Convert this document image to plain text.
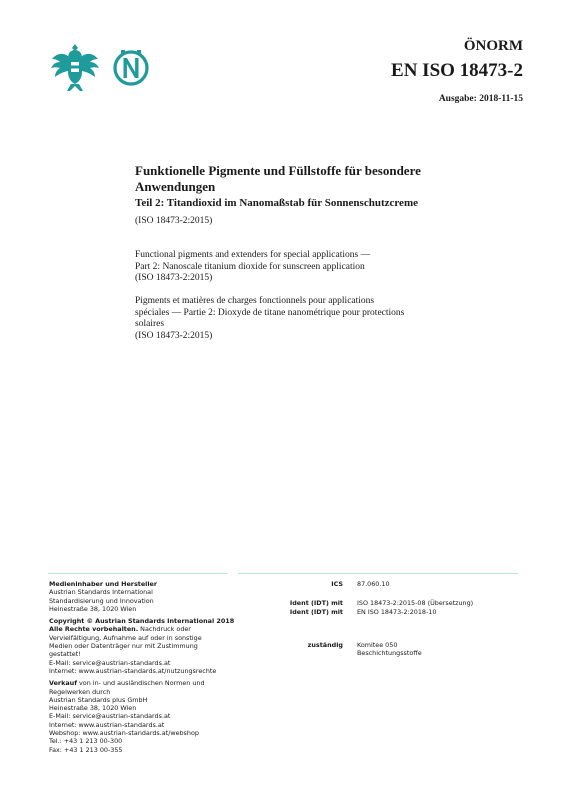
ÖNORM
EN ISO 18473-2
Ausgabe: 2018-11-15
Funktionelle Pigmente und Füllstoffe für besondere
Anwendungen
Teil 2: Titandioxid im Nanomaßstab für Sonnenschutzcreme
(ISO 18473-2:2015)
Functional pigments and extenders for special applications —
Part 2: Nanoscale titanium dioxide for sunscreen application
(ISO 18473-2:2015)
Pigments et matières de charges fonctionnels pour applications
spéciales — Partie 2: Dioxyde de titane nanométrique pour protections
solaires
(ISO 18473-2:2015)
Medieninhaber und Hersteller
Austrian Standards International
Standardisierung und Innovation
Heinestraße 38, 1020 Wien
Copyright © Austrian Standards International 2018
Alle Rechte vorbehalten. Nachdruck oder
Vervielfältigung, Aufnahme auf oder in sonstige
Medien oder Datenträger nur mit Zustimmung
gestattet!
E-Mail: service@austrian-standards.at
Internet: www.austrian-standards.at/nutzungsrechte
Verkauf von in- und ausländischen Normen und
Regelwerken durch
Austrian Standards plus GmbH
Heinestraße 38, 1020 Wien
E-Mail: service@austrian-standards.at
Internet: www.austrian-standards.at
Webshop: www.austrian-standards.at/webshop
Tel.: +43 1 213 00-300
Fax: +43 1 213 00-355
ICS 87.060.10
Ident (IDT) mit ISO 18473-2:2015-08 (Übersetzung)
Ident (IDT) mit EN ISO 18473-2:2018-10
zuständig Komitee 050
Beschichtungsstoffe
